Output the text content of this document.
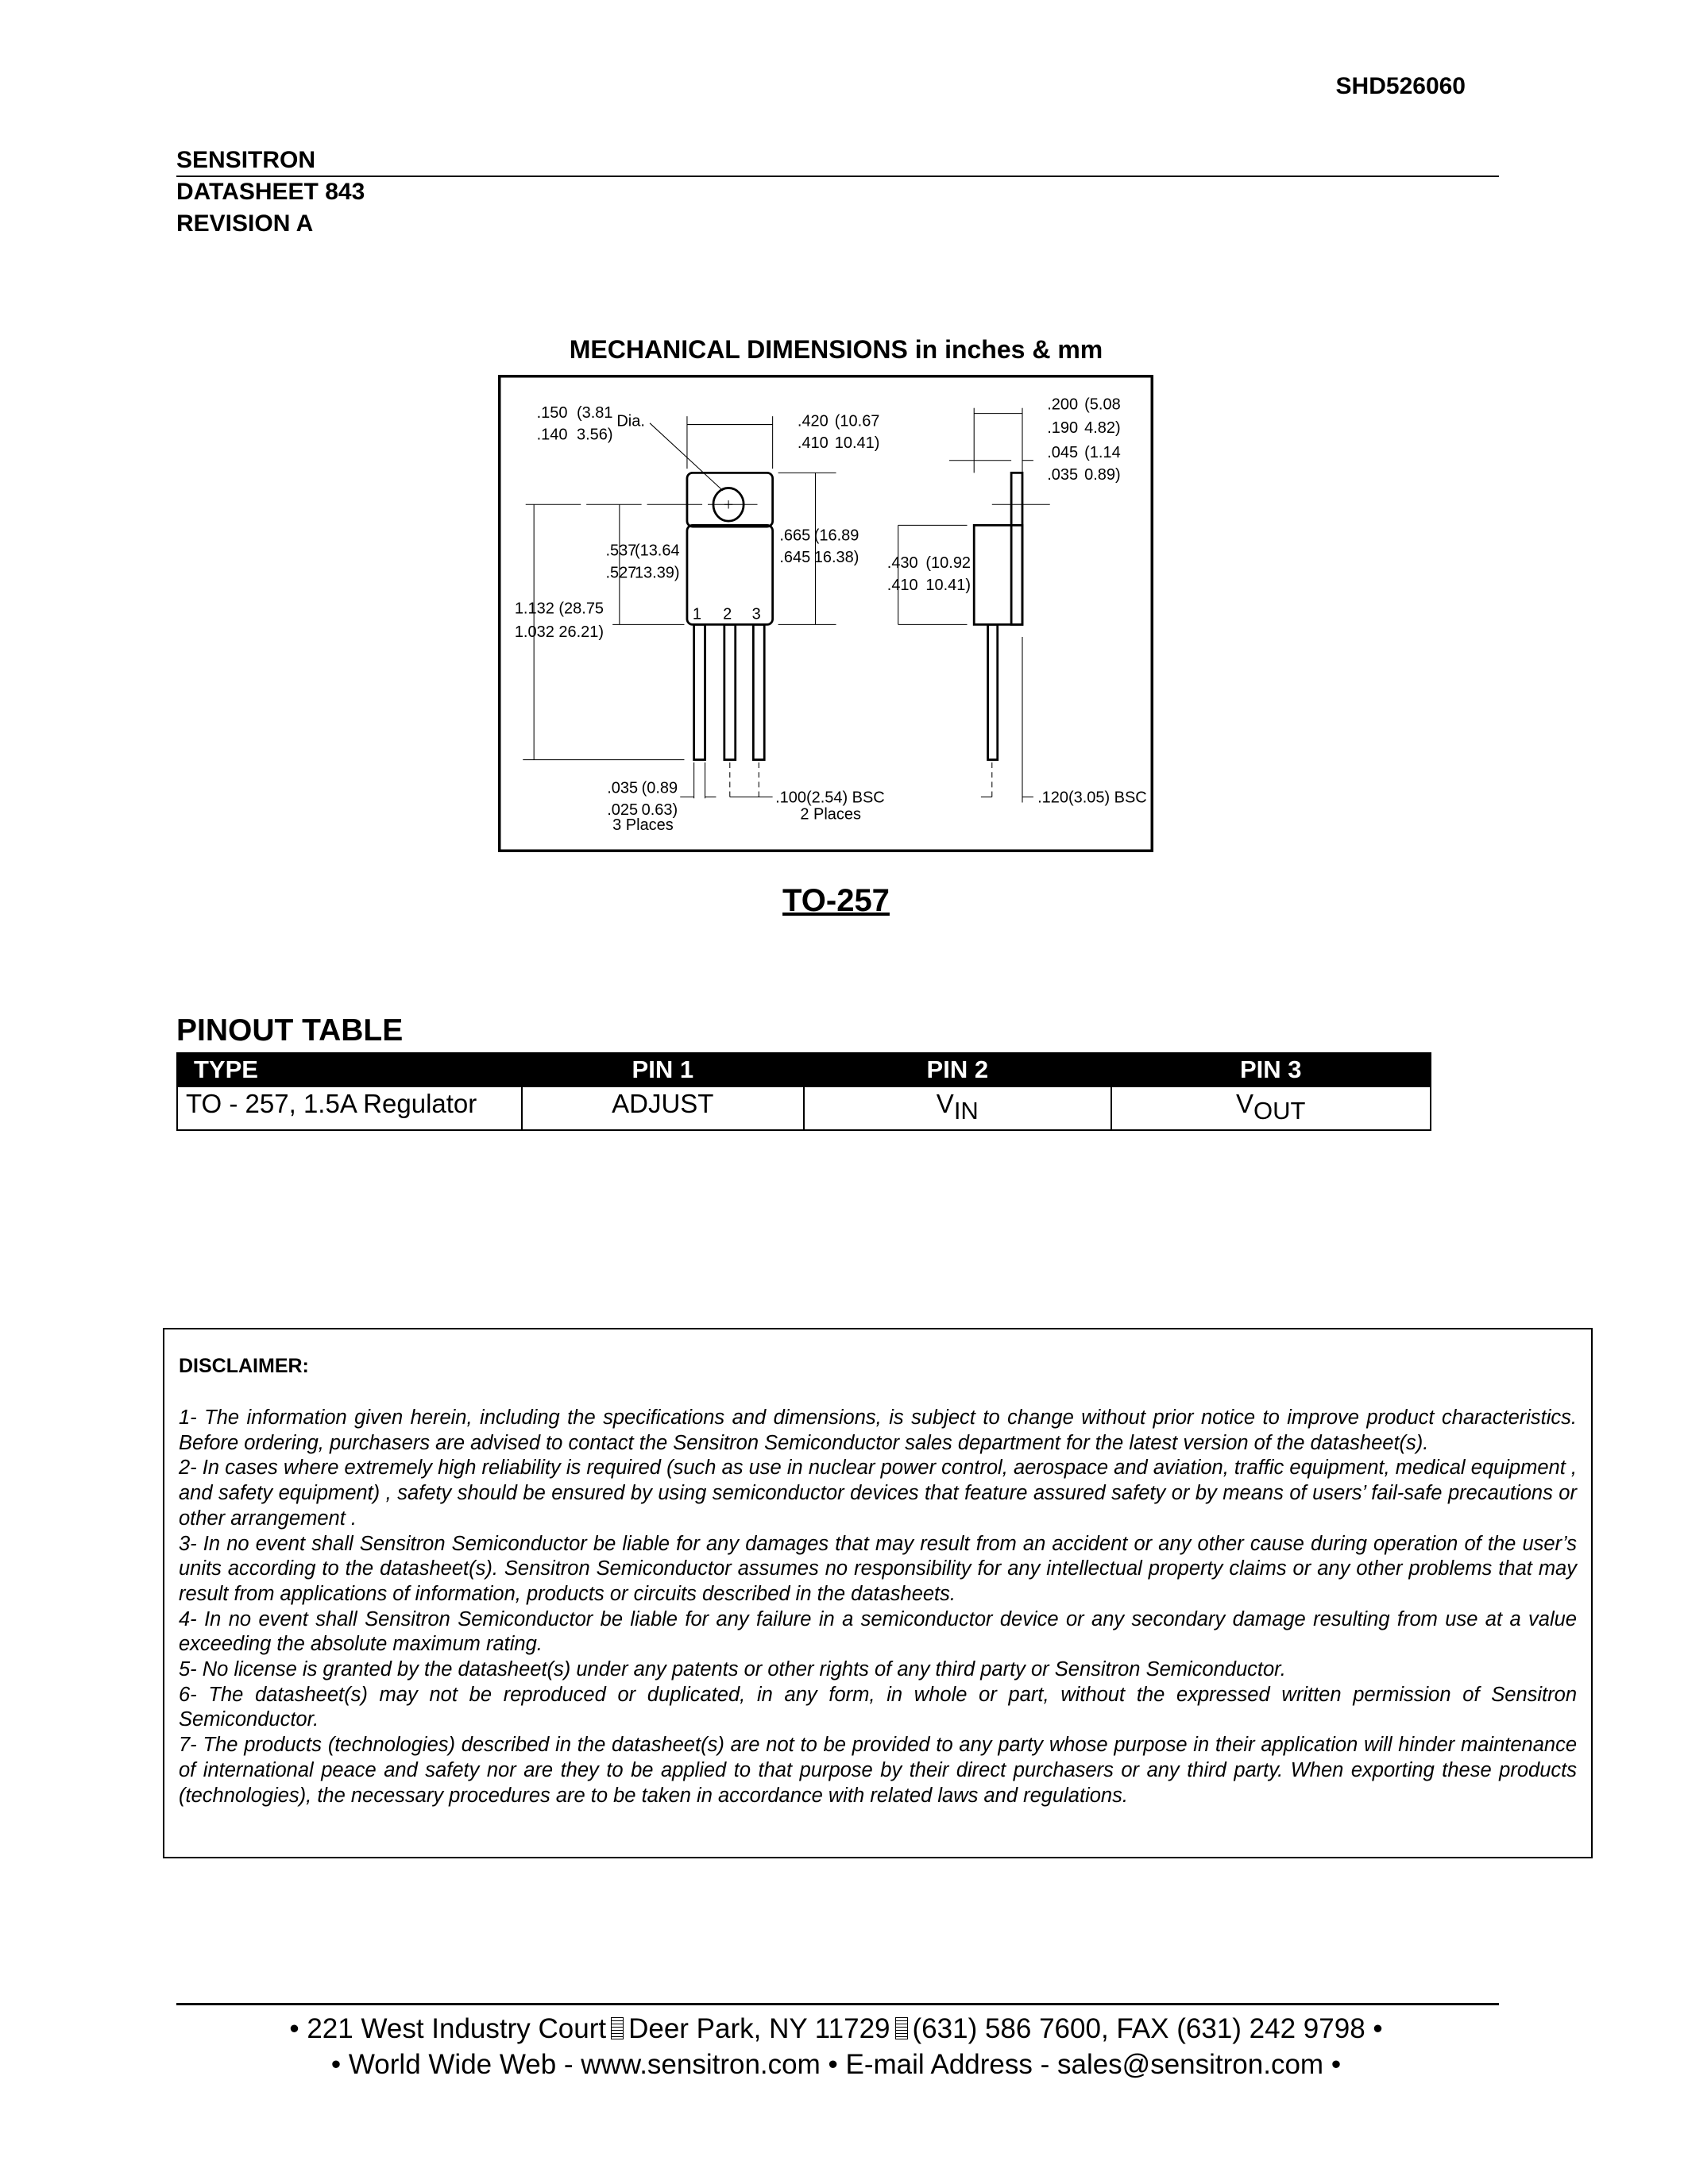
SHD526060
SENSITRON
DATASHEET 843
REVISION A
MECHANICAL DIMENSIONS in inches & mm
.150
.140
(3.81
3.56)
Dia.	.420
.410
(10.67
10.41)
.537
.527
(13.64
13.39)
1.132
1.032
(28.75
26.21)
.665
.645
(16.89
16.38)	.430
.410
(10.92
10.41)
.200
.190
(5.08
4.82)
.045
.035
(1.14
0.89)
1 2 3
.035
.025
(0.89
0.63)
3 Places
.100(2.54) BSC
2 Places
.120(3.05) BSC
TO-257
PINOUT TABLE
TYPE	PIN 1	PIN 2	PIN 3
TO - 257, 1.5A Regulator	ADJUST	$V_{IN}$	$V_{OUT}$
DISCLAIMER:

1- The information given herein, including the specifications and dimensions, is subject to change without prior notice to improve product characteristics. Before ordering, purchasers are advised to contact the Sensitron Semiconductor sales department for the latest version of the datasheet(s).

2- In cases where extremely high reliability is required (such as use in nuclear power control, aerospace and aviation, traffic equipment, medical equipment , and safety equipment) , safety should be ensured by using semiconductor devices that feature assured safety or by means of users’ fail-safe precautions or other arrangement .

3- In no event shall Sensitron Semiconductor be liable for any damages that may result from an accident or any other cause during operation of the user’s units according to the datasheet(s). Sensitron Semiconductor assumes no responsibility for any intellectual property claims or any other problems that may result from applications of information, products or circuits described in the datasheets.

4- In no event shall Sensitron Semiconductor be liable for any failure in a semiconductor device or any secondary damage resulting from use at a value exceeding the absolute maximum rating.

5- No license is granted by the datasheet(s) under any patents or other rights of any third party or Sensitron Semiconductor.

6- The datasheet(s) may not be reproduced or duplicated, in any form, in whole or part, without the expressed written permission of Sensitron Semiconductor.

7- The products (technologies) described in the datasheet(s) are not to be provided to any party whose purpose in their application will hinder maintenance of international peace and safety nor are they to be applied to that purpose by their direct purchasers or any third party. When exporting these products (technologies), the necessary procedures are to be taken in accordance with related laws and regulations.

• 221 West Industry Court Deer Park, NY 11729 (631) 586 7600, FAX (631) 242 9798 •
• World Wide Web - www.sensitron.com • E-mail Address - sales@sensitron.com •
